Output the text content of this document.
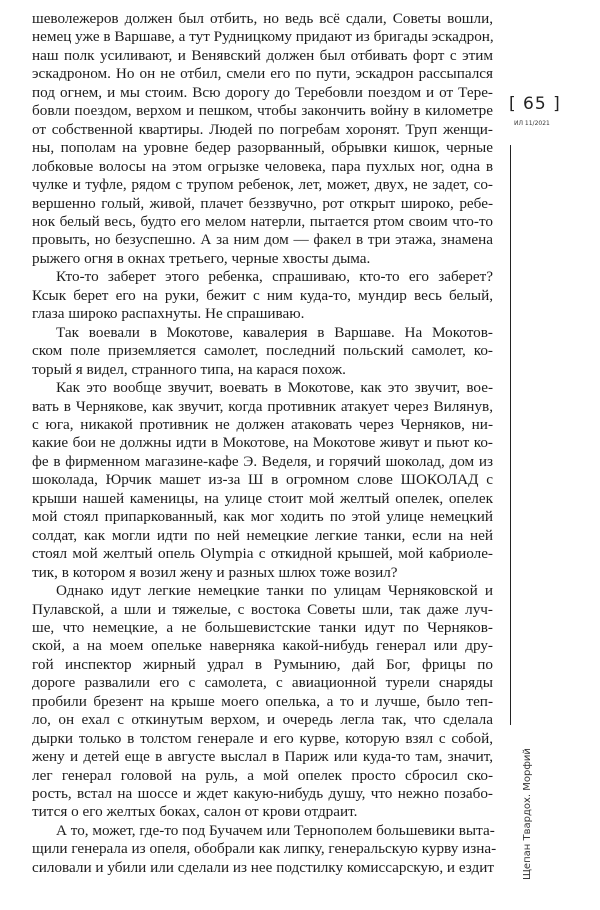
шеволежеров должен был отбить, но ведь всё сдали, Советы вошли,
немец уже в Варшаве, а тут Рудницкому придают из бригады эскадрон,
наш полк усиливают, и Венявский должен был отбивать форт с этим
эскадроном. Но он не отбил, смели его по пути, эскадрон рассыпался
под огнем, и мы стоим. Всю дорогу до Теребовли поездом и от Тере-
бовли поездом, верхом и пешком, чтобы закончить войну в километре
от собственной квартиры. Людей по погребам хоронят. Труп женщи-
ны, пополам на уровне бедер разорванный, обрывки кишок, черные
лобковые волосы на этом огрызке человека, пара пухлых ног, одна в
чулке и туфле, рядом с трупом ребенок, лет, может, двух, не задет, со-
вершенно голый, живой, плачет беззвучно, рот открыт широко, ребе-
нок белый весь, будто его мелом натерли, пытается ртом своим что-то
провыть, но безуспешно. А за ним дом — факел в три этажа, знамена
рыжего огня в окнах третьего, черные хвосты дыма.
Кто-то заберет этого ребенка, спрашиваю, кто-то его заберет?
Ксык берет его на руки, бежит с ним куда-то, мундир весь белый,
глаза широко распахнуты. Не спрашиваю.
Так воевали в Мокотове, кавалерия в Варшаве. На Мокотов-
ском поле приземляется самолет, последний польский самолет, ко-
торый я видел, странного типа, на карася похож.
Как это вообще звучит, воевать в Мокотове, как это звучит, вое-
вать в Чернякове, как звучит, когда противник атакует через Вилянув,
с юга, никакой противник не должен атаковать через Черняков, ни-
какие бои не должны идти в Мокотове, на Мокотове живут и пьют ко-
фе в фирменном магазине-кафе Э. Веделя, и горячий шоколад, дом из
шоколада, Юрчик машет из-за Ш в огромном слове ШОКОЛАД с
крыши нашей каменицы, на улице стоит мой желтый опелек, опелек
мой стоял припаркованный, как мог ходить по этой улице немецкий
солдат, как могли идти по ней немецкие легкие танки, если на ней
стоял мой желтый опель Olympia с откидной крышей, мой кабриоле-
тик, в котором я возил жену и разных шлюх тоже возил?
Однако идут легкие немецкие танки по улицам Черняковской и
Пулавской, а шли и тяжелые, с востока Советы шли, так даже луч-
ше, что немецкие, а не большевистские танки идут по Черняков-
ской, а на моем опельке наверняка какой-нибудь генерал или дру-
гой инспектор жирный удрал в Румынию, дай Бог, фрицы по
дороге развалили его с самолета, с авиационной турели снаряды
пробили брезент на крыше моего опелька, а то и лучше, было теп-
ло, он ехал с откинутым верхом, и очередь легла так, что сделала
дырки только в толстом генерале и его курве, которую взял с собой,
жену и детей еще в августе выслал в Париж или куда-то там, значит,
лег генерал головой на руль, а мой опелек просто сбросил ско-
рость, встал на шоссе и ждет какую-нибудь душу, что нежно позабо-
тится о его желтых боках, салон от крови отдраит.
А то, может, где-то под Бучачем или Тернополем большевики выта-
щили генерала из опеля, обобрали как липку, генеральскую курву изна-
силовали и убили или сделали из нее подстилку комиссарскую, и ездит
[ 65 ]
ИЛ 11/2021
Щепан Твардох. Морфий
